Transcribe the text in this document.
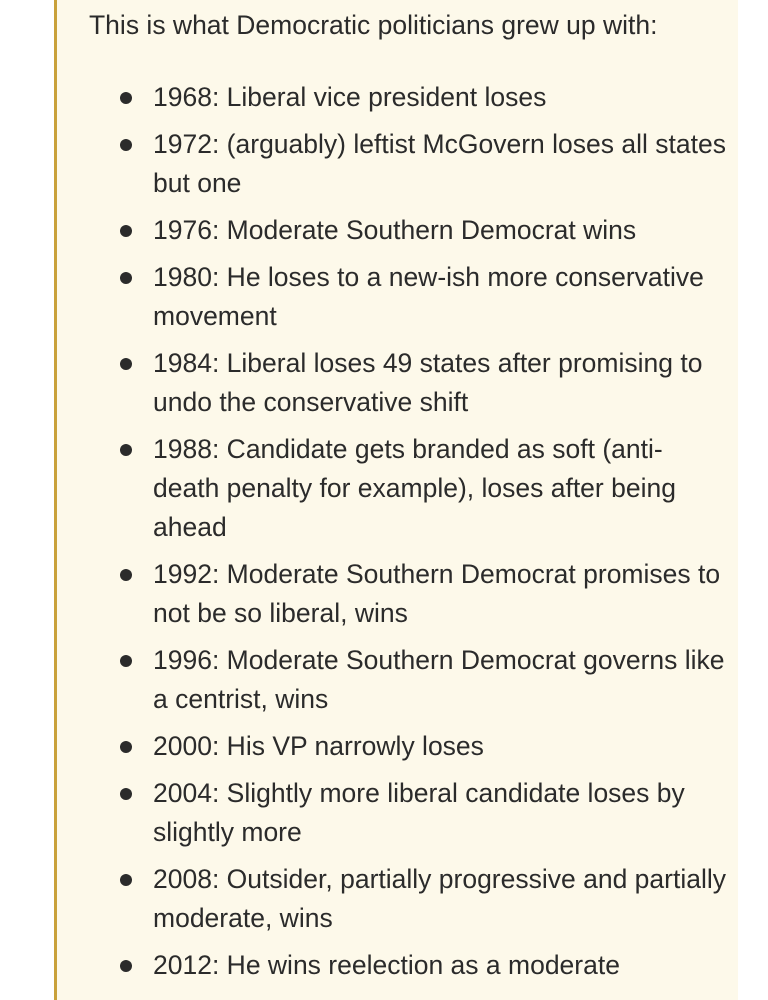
This is what Democratic politicians grew up with:

1968: Liberal vice president loses
1972: (arguably) leftist McGovern loses all states but one
1976: Moderate Southern Democrat wins
1980: He loses to a new-ish more conservative movement
1984: Liberal loses 49 states after promising to undo the conservative shift
1988: Candidate gets branded as soft (anti-death penalty for example), loses after being ahead
1992: Moderate Southern Democrat promises to not be so liberal, wins
1996: Moderate Southern Democrat governs like a centrist, wins
2000: His VP narrowly loses
2004: Slightly more liberal candidate loses by slightly more
2008: Outsider, partially progressive and partially moderate, wins
2012: He wins reelection as a moderate
